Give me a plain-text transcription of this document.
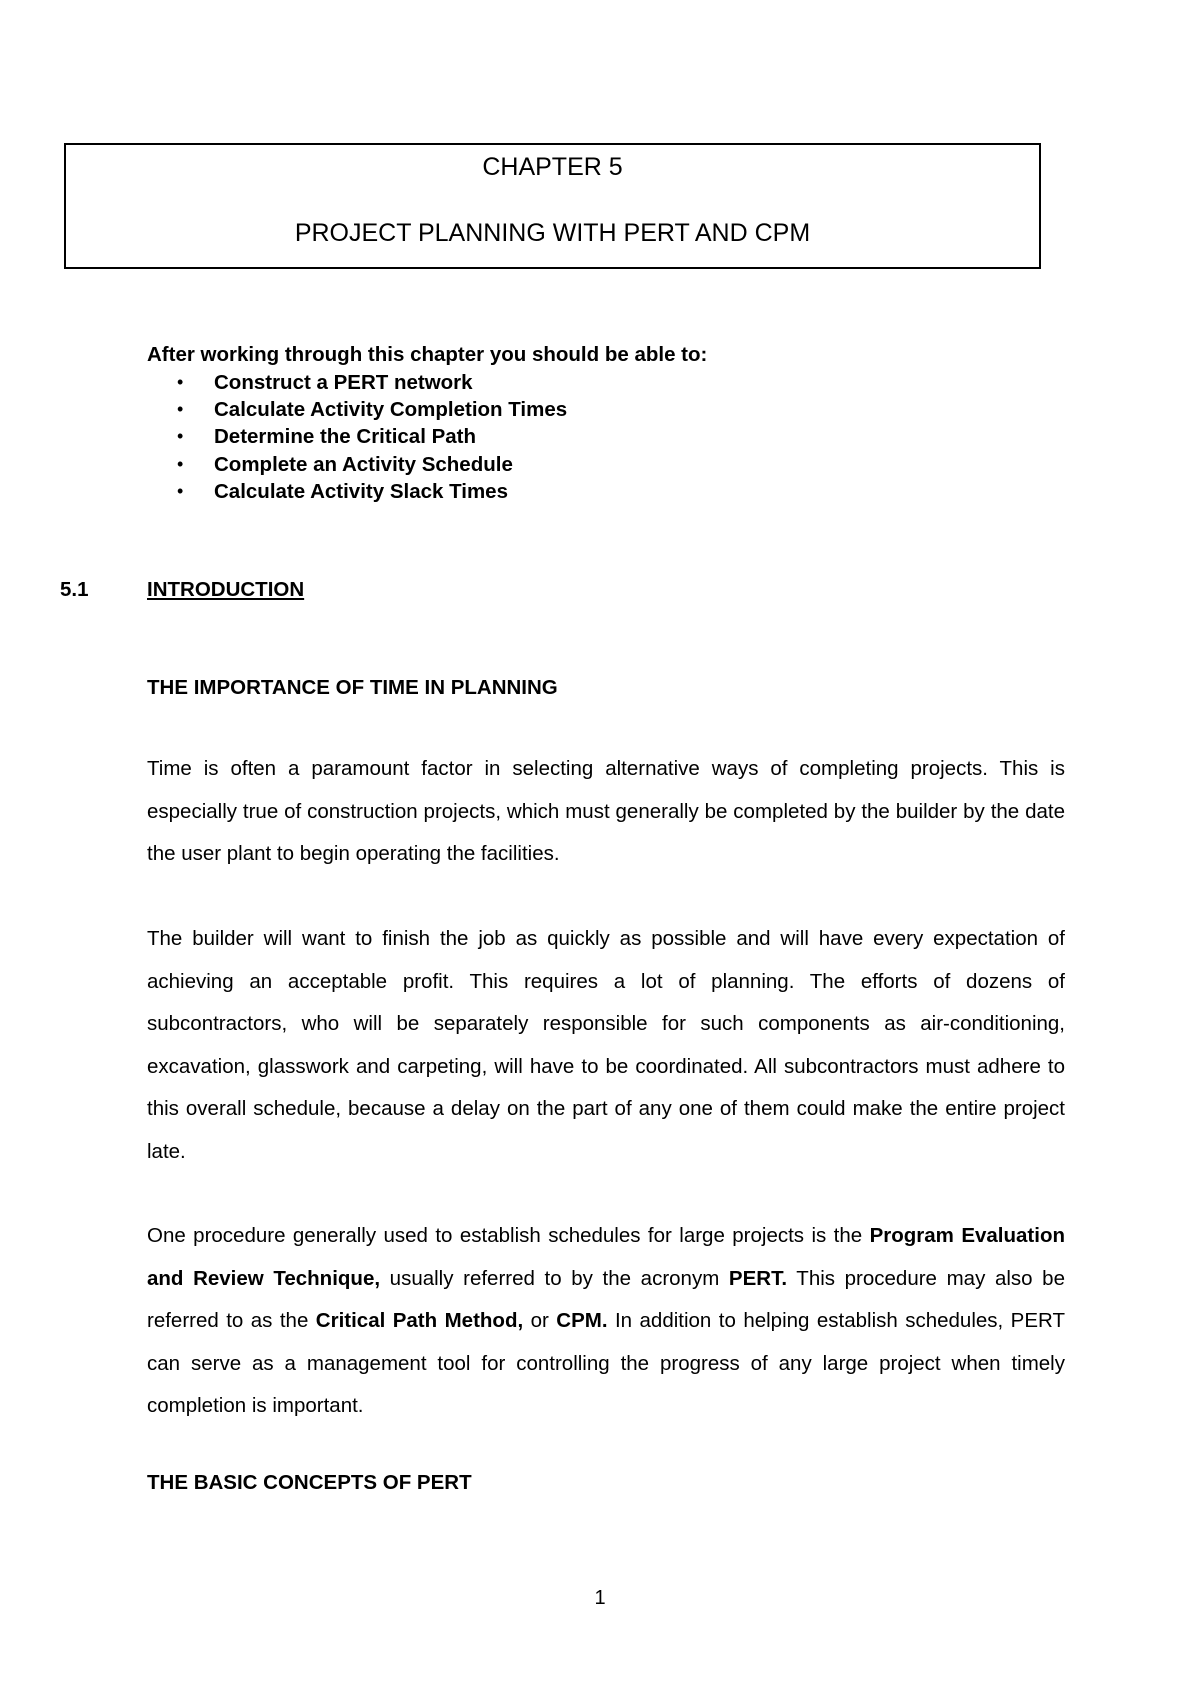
CHAPTER 5
PROJECT PLANNING WITH PERT AND CPM
After working through this chapter you should be able to:
• Construct a PERT network
• Calculate Activity Completion Times
• Determine the Critical Path
• Complete an Activity Schedule
• Calculate Activity Slack Times
5.1	INTRODUCTION
THE IMPORTANCE OF TIME IN PLANNING

Time is often a paramount factor in selecting alternative ways of completing projects. This is especially true of construction projects, which must generally be completed by the builder by the date the user plant to begin operating the facilities.

The builder will want to finish the job as quickly as possible and will have every expectation of achieving an acceptable profit. This requires a lot of planning. The efforts of dozens of subcontractors, who will be separately responsible for such components as air-conditioning, excavation, glasswork and carpeting, will have to be coordinated. All subcontractors must adhere to this overall schedule, because a delay on the part of any one of them could make the entire project late.

One procedure generally used to establish schedules for large projects is the Program Evaluation and Review Technique, usually referred to by the acronym PERT. This procedure may also be referred to as the Critical Path Method, or CPM. In addition to helping establish schedules, PERT can serve as a management tool for controlling the progress of any large project when timely completion is important.

THE BASIC CONCEPTS OF PERT
1
